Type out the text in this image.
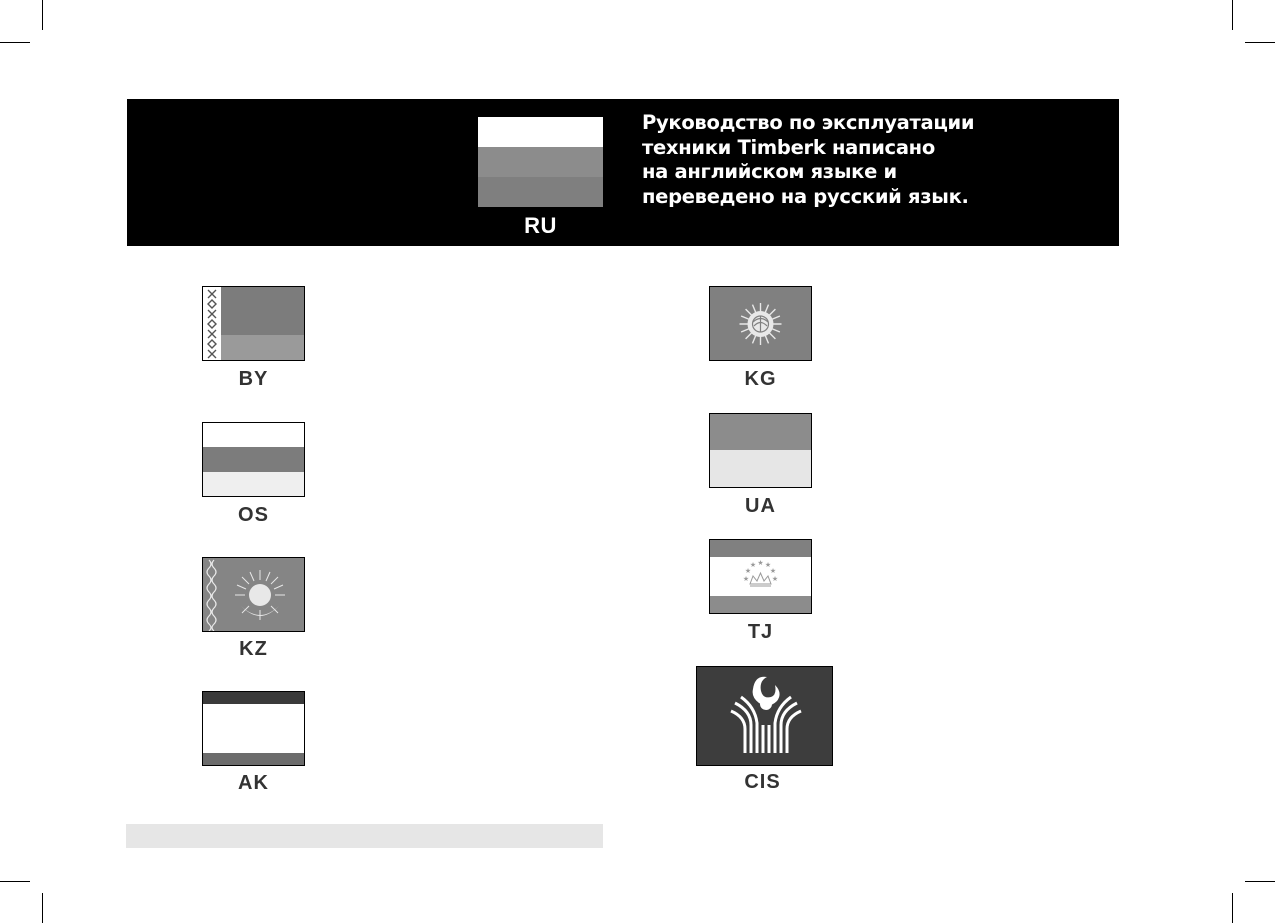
RU
Руководство по эксплуатации
техники Timberk написано
на английском языке и
переведено на русский язык.
BY
OS
KZ
AK
KG
UA
★
★
★ ★ ★
★
★
TJ
CIS
